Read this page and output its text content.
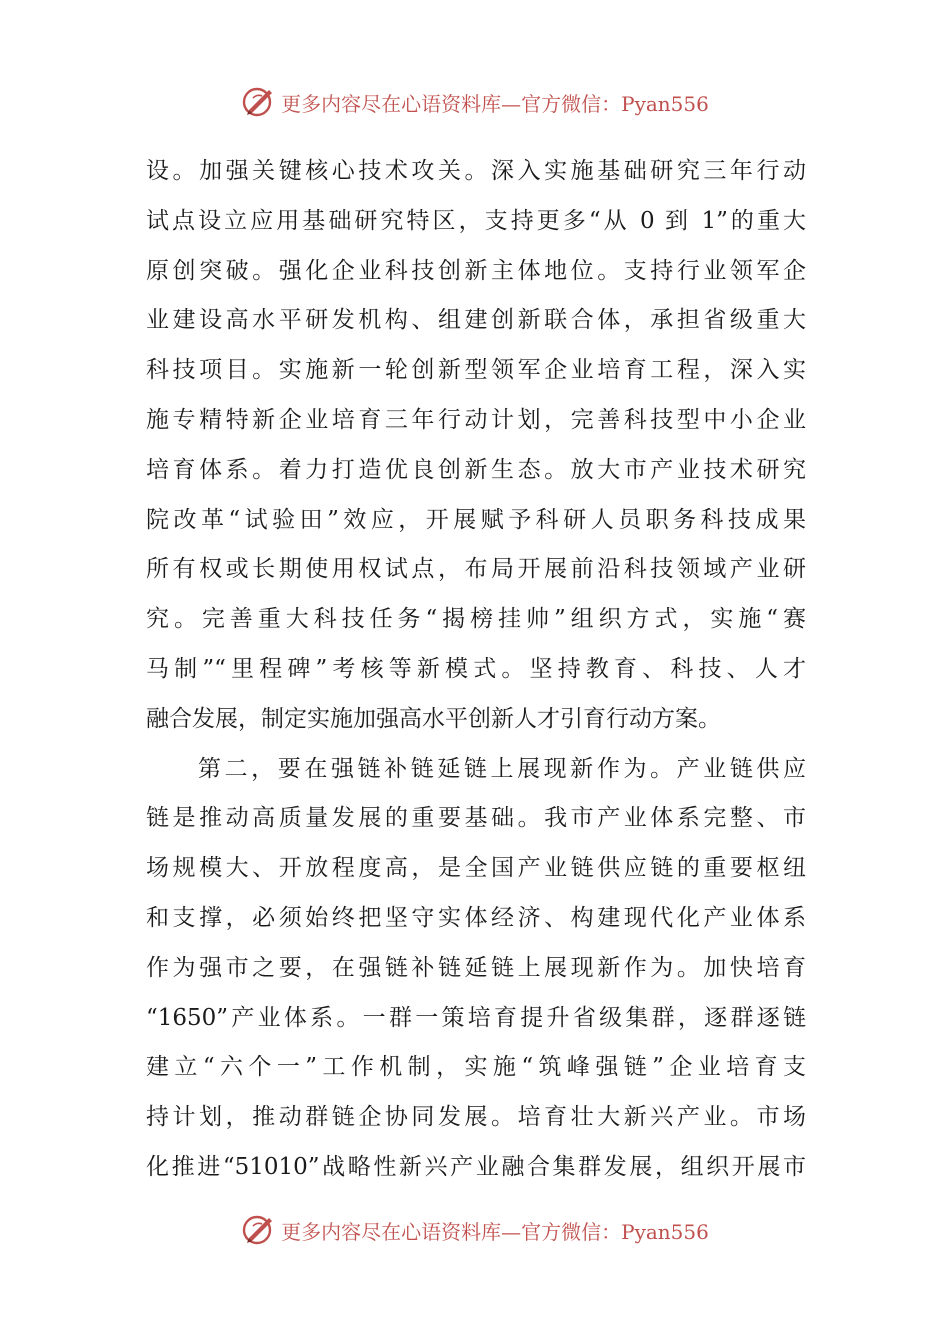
更多内容尽在心语资料库—官方微信：Pyan556
设。加强关键核心技术攻关。深入实施基础研究三年行动
试点设立应用基础研究特区，支持更多“从 0 到 1”的重大
原创突破。强化企业科技创新主体地位。支持行业领军企
业建设高水平研发机构、组建创新联合体，承担省级重大
科技项目。实施新一轮创新型领军企业培育工程，深入实
施专精特新企业培育三年行动计划，完善科技型中小企业
培育体系。着力打造优良创新生态。放大市产业技术研究
院改革“试验田”效应，开展赋予科研人员职务科技成果
所有权或长期使用权试点，布局开展前沿科技领域产业研
究。完善重大科技任务“揭榜挂帅”组织方式，实施“赛
马制”“里程碑”考核等新模式。坚持教育、科技、人才
融合发展，制定实施加强高水平创新人才引育行动方案。
第二，要在强链补链延链上展现新作为。产业链供应
链是推动高质量发展的重要基础。我市产业体系完整、市
场规模大、开放程度高，是全国产业链供应链的重要枢纽
和支撑，必须始终把坚守实体经济、构建现代化产业体系
作为强市之要，在强链补链延链上展现新作为。加快培育
“1650”产业体系。一群一策培育提升省级集群，逐群逐链
建立“六个一”工作机制，实施“筑峰强链”企业培育支
持计划，推动群链企协同发展。培育壮大新兴产业。市场
化推进“51010”战略性新兴产业融合集群发展，组织开展市
更多内容尽在心语资料库—官方微信：Pyan556
